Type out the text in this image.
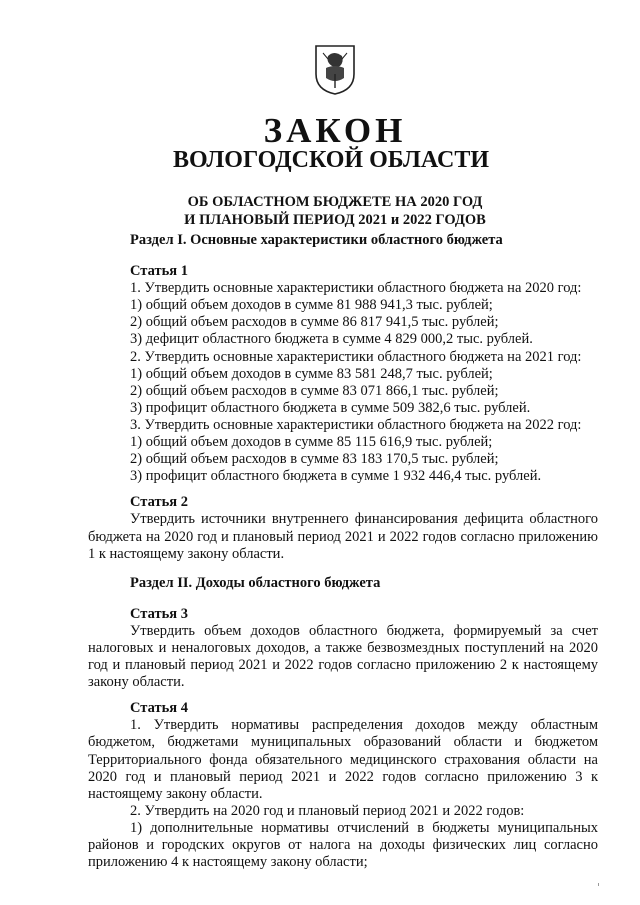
ЗАКОН
ВОЛОГОДСКОЙ ОБЛАСТИ
ОБ ОБЛАСТНОМ БЮДЖЕТЕ НА 2020 ГОД
И ПЛАНОВЫЙ ПЕРИОД 2021 и 2022 ГОДОВ
Раздел I. Основные характеристики областного бюджета
Статья 1
1. Утвердить основные характеристики областного бюджета на 2020 год:
1) общий объем доходов в сумме 81 988 941,3 тыс. рублей;
2) общий объем расходов в сумме 86 817 941,5 тыс. рублей;
3) дефицит областного бюджета в сумме 4 829 000,2 тыс. рублей.
2. Утвердить основные характеристики областного бюджета на 2021 год:
1) общий объем доходов в сумме 83 581 248,7 тыс. рублей;
2) общий объем расходов в сумме 83 071 866,1 тыс. рублей;
3) профицит областного бюджета в сумме 509 382,6 тыс. рублей.
3. Утвердить основные характеристики областного бюджета на 2022 год:
1) общий объем доходов в сумме 85 115 616,9 тыс. рублей;
2) общий объем расходов в сумме 83 183 170,5 тыс. рублей;
3) профицит областного бюджета в сумме 1 932 446,4 тыс. рублей.
Статья 2

Утвердить источники внутреннего финансирования дефицита областного бюджета на 2020 год и плановый период 2021 и 2022 годов согласно приложению 1 к настоящему закону области.

Раздел II. Доходы областного бюджета
Статья 3

Утвердить объем доходов областного бюджета, формируемый за счет налоговых и неналоговых доходов, а также безвозмездных поступлений на 2020 год и плановый период 2021 и 2022 годов согласно приложению 2 к настоящему закону области.

Статья 4

1. Утвердить нормативы распределения доходов между областным бюджетом, бюджетами муниципальных образований области и бюджетом Территориального фонда обязательного медицинского страхования области на 2020 год и плановый период 2021 и 2022 годов согласно приложению 3 к настоящему закону области.

2. Утвердить на 2020 год и плановый период 2021 и 2022 годов:

1) дополнительные нормативы отчислений в бюджеты муниципальных районов и городских округов от налога на доходы физических лиц согласно приложению 4 к настоящему закону области;
